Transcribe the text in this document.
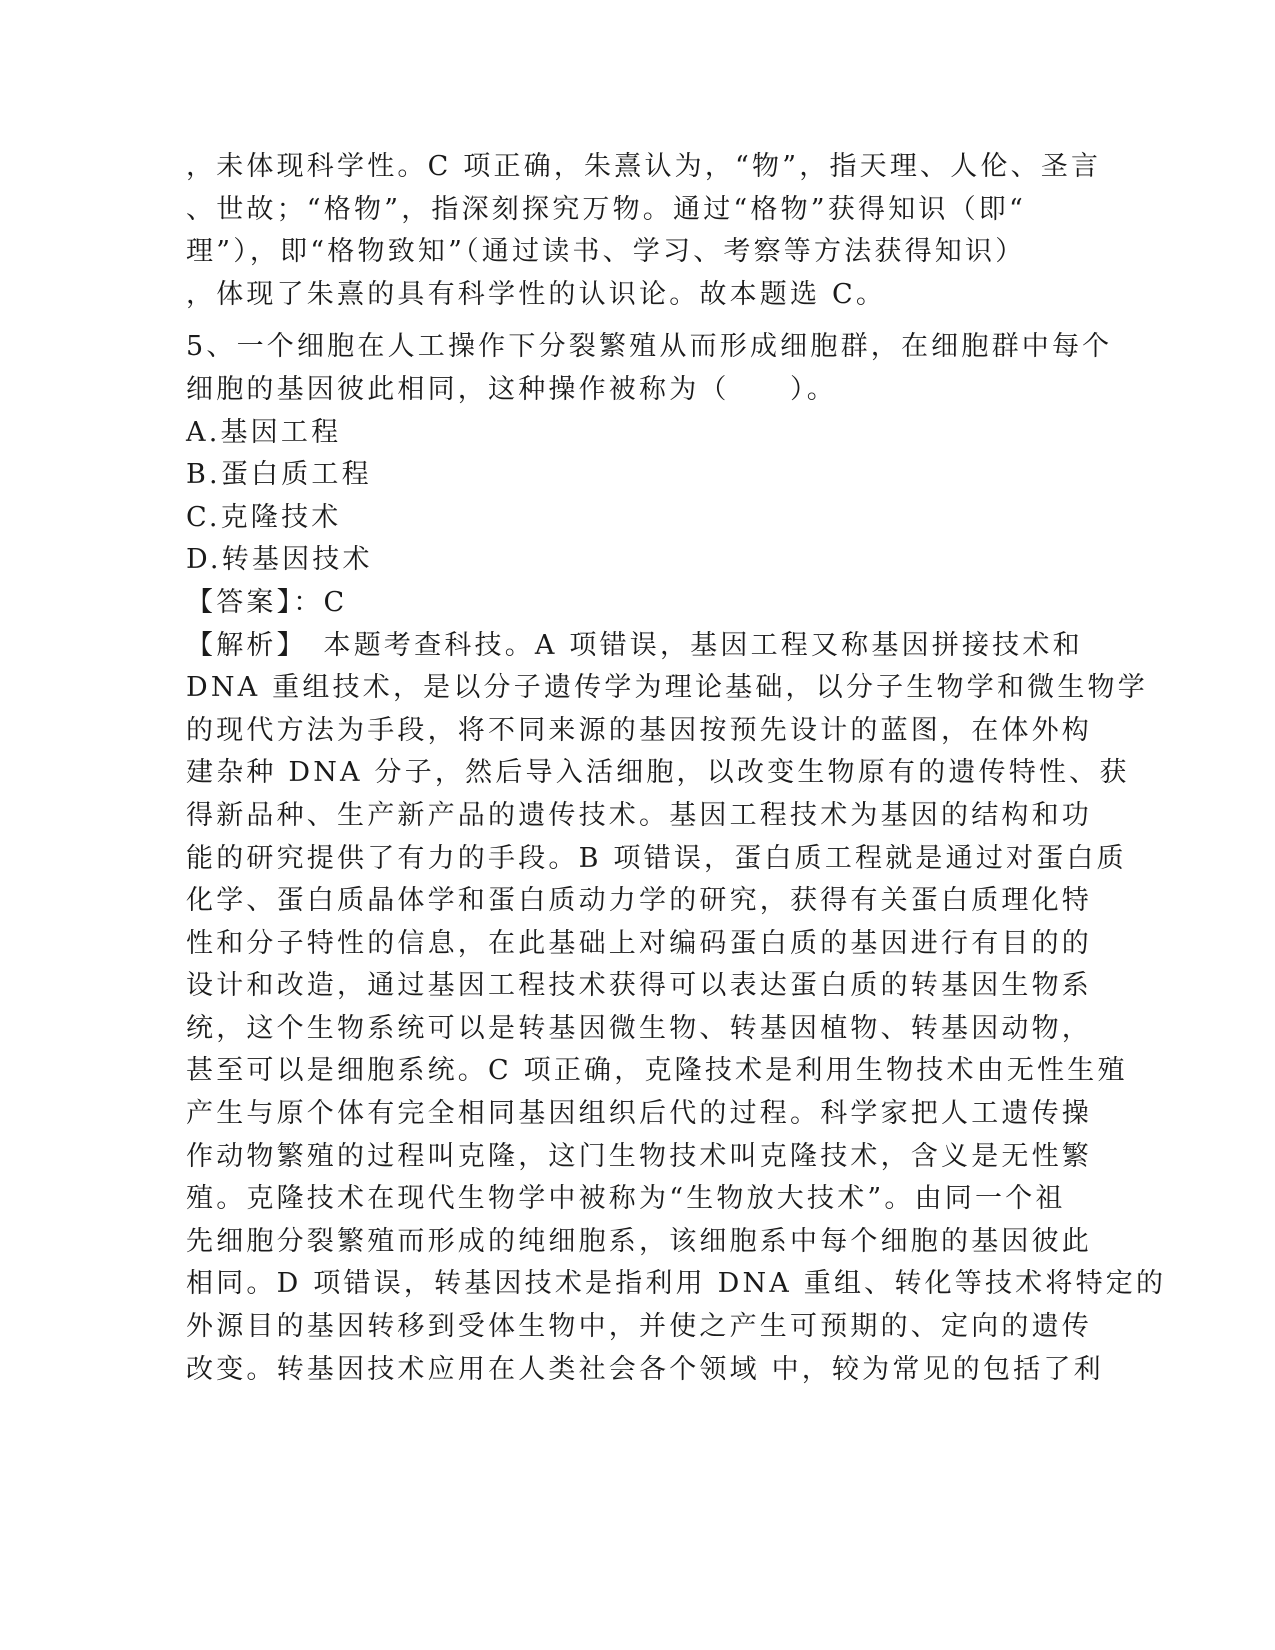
，未体现科学性。C 项正确，朱熹认为，“物”，指天理、人伦、圣言
、世故；“格物”，指深刻探究万物。通过“格物”获得知识（即“
理”），即“格物致知”（通过读书、学习、考察等方法获得知识）
，体现了朱熹的具有科学性的认识论。故本题选 C。
5、一个细胞在人工操作下分裂繁殖从而形成细胞群，在细胞群中每个
细胞的基因彼此相同，这种操作被称为（　　）。
A.基因工程
B.蛋白质工程
C.克隆技术
D.转基因技术
【答案】：C
【解析】　本题考查科技。A 项错误，基因工程又称基因拼接技术和
DNA 重组技术，是以分子遗传学为理论基础，以分子生物学和微生物学
的现代方法为手段，将不同来源的基因按预先设计的蓝图，在体外构
建杂种 DNA 分子，然后导入活细胞，以改变生物原有的遗传特性、获
得新品种、生产新产品的遗传技术。基因工程技术为基因的结构和功
能的研究提供了有力的手段。B 项错误，蛋白质工程就是通过对蛋白质
化学、蛋白质晶体学和蛋白质动力学的研究，获得有关蛋白质理化特
性和分子特性的信息，在此基础上对编码蛋白质的基因进行有目的的
设计和改造，通过基因工程技术获得可以表达蛋白质的转基因生物系
统，这个生物系统可以是转基因微生物、转基因植物、转基因动物，
甚至可以是细胞系统。C 项正确，克隆技术是利用生物技术由无性生殖
产生与原个体有完全相同基因组织后代的过程。科学家把人工遗传操
作动物繁殖的过程叫克隆，这门生物技术叫克隆技术，含义是无性繁
殖。克隆技术在现代生物学中被称为“生物放大技术”。由同一个祖
先细胞分裂繁殖而形成的纯细胞系，该细胞系中每个细胞的基因彼此
相同。D 项错误，转基因技术是指利用 DNA 重组、转化等技术将特定的
外源目的基因转移到受体生物中，并使之产生可预期的、定向的遗传
改变。转基因技术应用在人类社会各个领域 中，较为常见的包括了利
